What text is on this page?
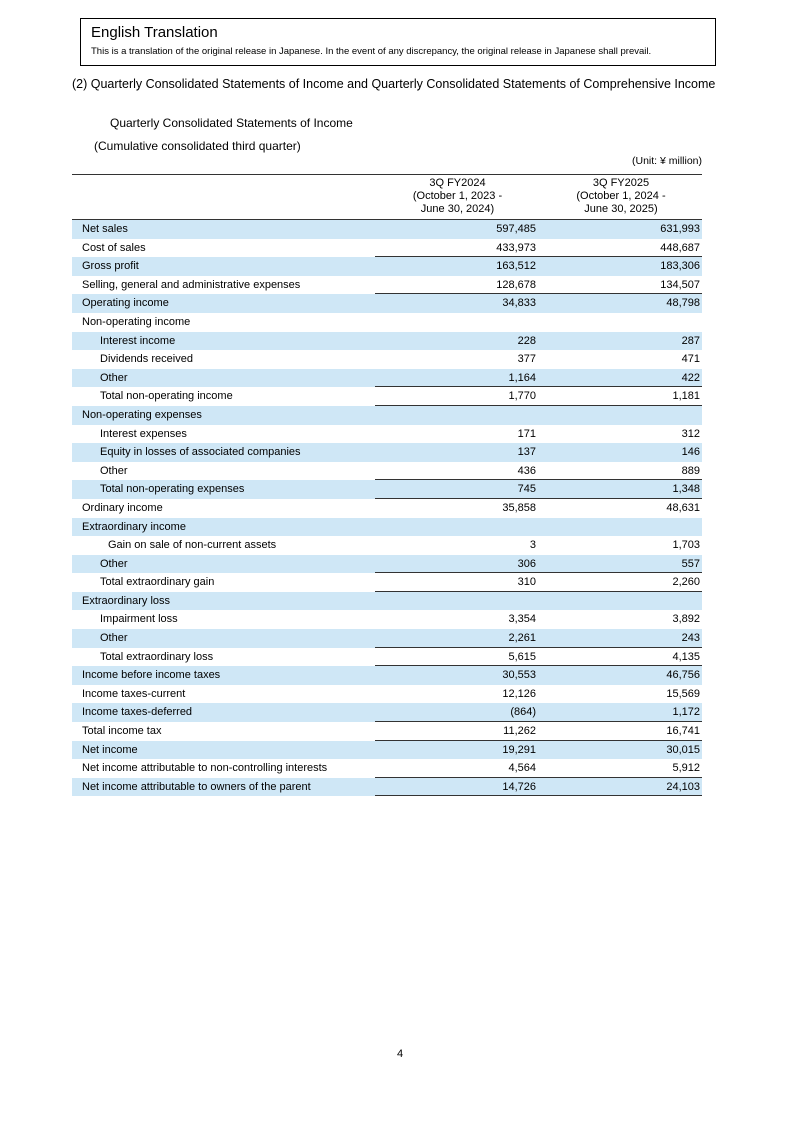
English Translation
This is a translation of the original release in Japanese. In the event of any discrepancy, the original release in Japanese shall prevail.
(2) Quarterly Consolidated Statements of Income and Quarterly Consolidated Statements of Comprehensive Income
Quarterly Consolidated Statements of Income
(Cumulative consolidated third quarter)
(Unit: ¥ million)
3Q FY2024
(October 1, 2023 -
June 30, 2024)
3Q FY2025
(October 1, 2024 -
June 30, 2025)
Net sales	597,485	631,993
Cost of sales	433,973	448,687
Gross profit	163,512	183,306
Selling, general and administrative expenses	128,678	134,507
Operating income	34,833	48,798
Non-operating income
Interest income	228	287
Dividends received	377	471
Other	1,164	422
Total non-operating income	1,770	1,181
Non-operating expenses
Interest expenses	171	312
Equity in losses of associated companies	137	146
Other	436	889
Total non-operating expenses	745	1,348
Ordinary income	35,858	48,631
Extraordinary income
Gain on sale of non-current assets	3	1,703
Other	306	557
Total extraordinary gain	310	2,260
Extraordinary loss
Impairment loss	3,354	3,892
Other	2,261	243
Total extraordinary loss	5,615	4,135
Income before income taxes	30,553	46,756
Income taxes-current	12,126	15,569
Income taxes-deferred	(864)	1,172
Total income tax	11,262	16,741
Net income	19,291	30,015
Net income attributable to non-controlling interests	4,564	5,912
Net income attributable to owners of the parent	14,726	24,103
4
